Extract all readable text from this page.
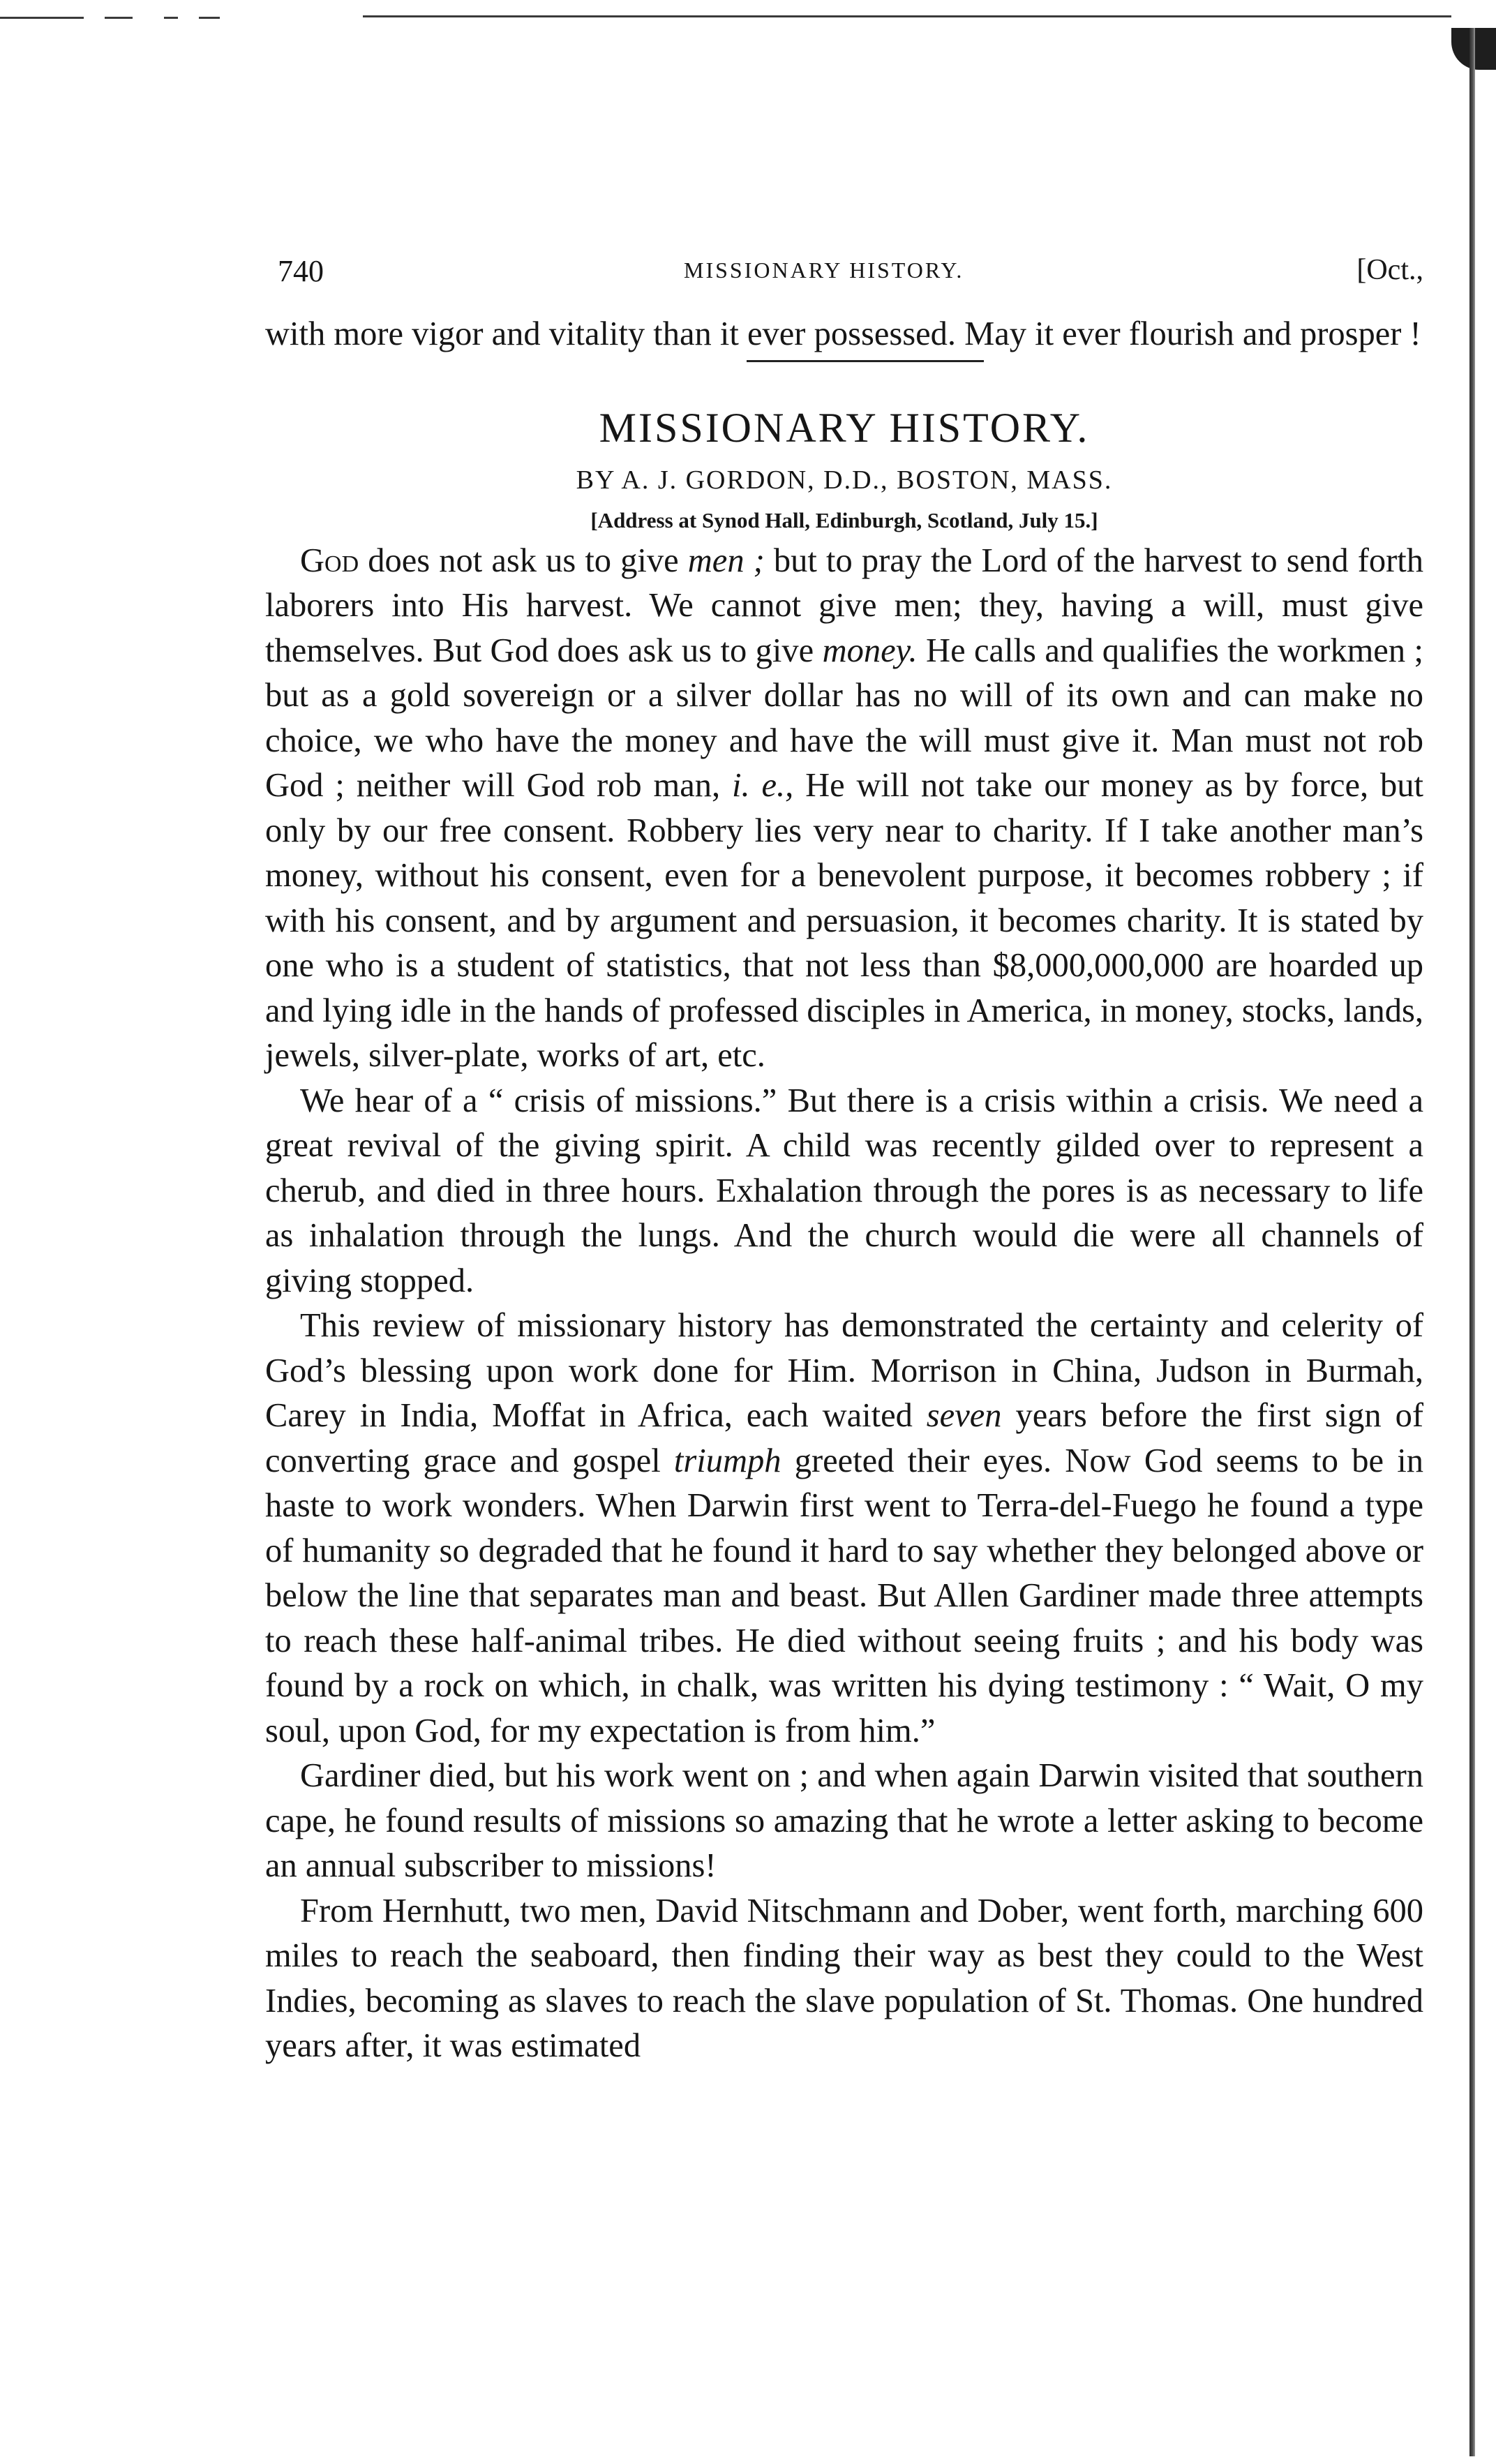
740	MISSIONARY HISTORY.	[Oct.,

with more vigor and vitality than it ever possessed. May it ever flourish and prosper !

MISSIONARY HISTORY.
BY A. J. GORDON, D.D., BOSTON, MASS.
[Address at Synod Hall, Edinburgh, Scotland, July 15.]

God does not ask us to give men ; but to pray the Lord of the harvest to send forth laborers into His harvest. We cannot give men; they, having a will, must give themselves. But God does ask us to give money. He calls and qualifies the workmen ; but as a gold sovereign or a silver dollar has no will of its own and can make no choice, we who have the money and have the will must give it. Man must not rob God ; neither will God rob man, i. e., He will not take our money as by force, but only by our free consent. Robbery lies very near to charity. If I take another man’s money, without his consent, even for a benevolent purpose, it becomes robbery ; if with his consent, and by argument and persuasion, it becomes charity. It is stated by one who is a student of statistics, that not less than $8,000,000,000 are hoarded up and lying idle in the hands of professed disciples in America, in money, stocks, lands, jewels, silver-plate, works of art, etc.

We hear of a “ crisis of missions.” But there is a crisis within a crisis. We need a great revival of the giving spirit. A child was recently gilded over to represent a cherub, and died in three hours. Exhalation through the pores is as necessary to life as inhalation through the lungs. And the church would die were all channels of giving stopped.

This review of missionary history has demonstrated the certainty and celerity of God’s blessing upon work done for Him. Morrison in China, Judson in Burmah, Carey in India, Moffat in Africa, each waited seven years before the first sign of converting grace and gospel triumph greeted their eyes. Now God seems to be in haste to work wonders. When Darwin first went to Terra-del-Fuego he found a type of humanity so degraded that he found it hard to say whether they belonged above or below the line that separates man and beast. But Allen Gardiner made three attempts to reach these half-animal tribes. He died without seeing fruits ; and his body was found by a rock on which, in chalk, was written his dying testimony : “ Wait, O my soul, upon God, for my expectation is from him.”

Gardiner died, but his work went on ; and when again Darwin visited that southern cape, he found results of missions so amazing that he wrote a letter asking to become an annual subscriber to missions!

From Hernhutt, two men, David Nitschmann and Dober, went forth, marching 600 miles to reach the seaboard, then finding their way as best they could to the West Indies, becoming as slaves to reach the slave population of St. Thomas. One hundred years after, it was estimated
